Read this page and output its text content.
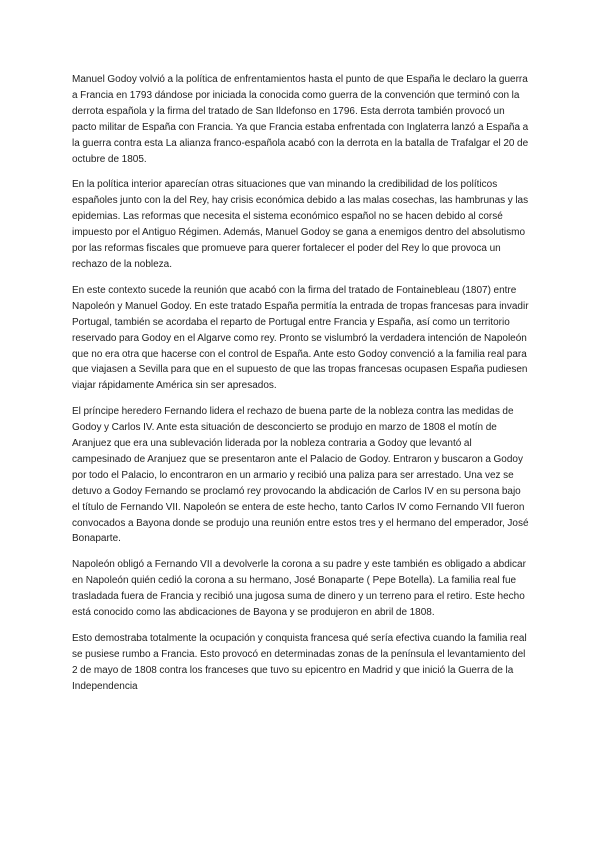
Manuel Godoy volvió a la política de enfrentamientos hasta el punto de que España le declaro la guerra a Francia en 1793 dándose por iniciada la conocida como guerra de la convención que terminó con la derrota española y la firma del tratado de San Ildefonso en 1796. Esta derrota también provocó un pacto militar de España con Francia. Ya que Francia estaba enfrentada con Inglaterra lanzó a España a la guerra contra esta La alianza franco-española acabó con la derrota en la batalla de Trafalgar el 20 de octubre de 1805.

En la política interior aparecían otras situaciones que van minando la credibilidad de los políticos españoles junto con la del Rey, hay crisis económica debido a las malas cosechas, las hambrunas y las epidemias. Las reformas que necesita el sistema económico español no se hacen debido al corsé impuesto por el Antiguo Régimen. Además, Manuel Godoy se gana a enemigos dentro del absolutismo por las reformas fiscales que promueve para querer fortalecer el poder del Rey lo que provoca un rechazo de la nobleza.

En este contexto sucede la reunión que acabó con la firma del tratado de Fontainebleau (1807) entre Napoleón y Manuel Godoy. En este tratado España permitía la entrada de tropas francesas para invadir Portugal, también se acordaba el reparto de Portugal entre Francia y España, así como un territorio reservado para Godoy en el Algarve como rey. Pronto se vislumbró la verdadera intención de Napoleón que no era otra que hacerse con el control de España. Ante esto Godoy convenció a la familia real para que viajasen a Sevilla para que en el supuesto de que las tropas francesas ocupasen España pudiesen viajar rápidamente América sin ser apresados.

El príncipe heredero Fernando lidera el rechazo de buena parte de la nobleza contra las medidas de Godoy y Carlos IV. Ante esta situación de desconcierto se produjo en marzo de 1808 el motín de Aranjuez que era una sublevación liderada por la nobleza contraria a Godoy que levantó al campesinado de Aranjuez que se presentaron ante el Palacio de Godoy. Entraron y buscaron a Godoy por todo el Palacio, lo encontraron en un armario y recibió una paliza para ser arrestado. Una vez se detuvo a Godoy Fernando se proclamó rey provocando la abdicación de Carlos IV en su persona bajo el título de Fernando VII. Napoleón se entera de este hecho, tanto Carlos IV como Fernando VII fueron convocados a Bayona donde se produjo una reunión entre estos tres y el hermano del emperador, José Bonaparte.

Napoleón obligó a Fernando VII a devolverle la corona a su padre y este también es obligado a abdicar en Napoleón quién cedió la corona a su hermano, José Bonaparte ( Pepe Botella). La familia real fue trasladada fuera de Francia y recibió una jugosa suma de dinero y un terreno para el retiro. Este hecho está conocido como las abdicaciones de Bayona y se produjeron en abril de 1808.

Esto demostraba totalmente la ocupación y conquista francesa qué sería efectiva cuando la familia real se pusiese rumbo a Francia. Esto provocó en determinadas zonas de la península el levantamiento del 2 de mayo de 1808 contra los franceses que tuvo su epicentro en Madrid y que inició la Guerra de la Independencia
